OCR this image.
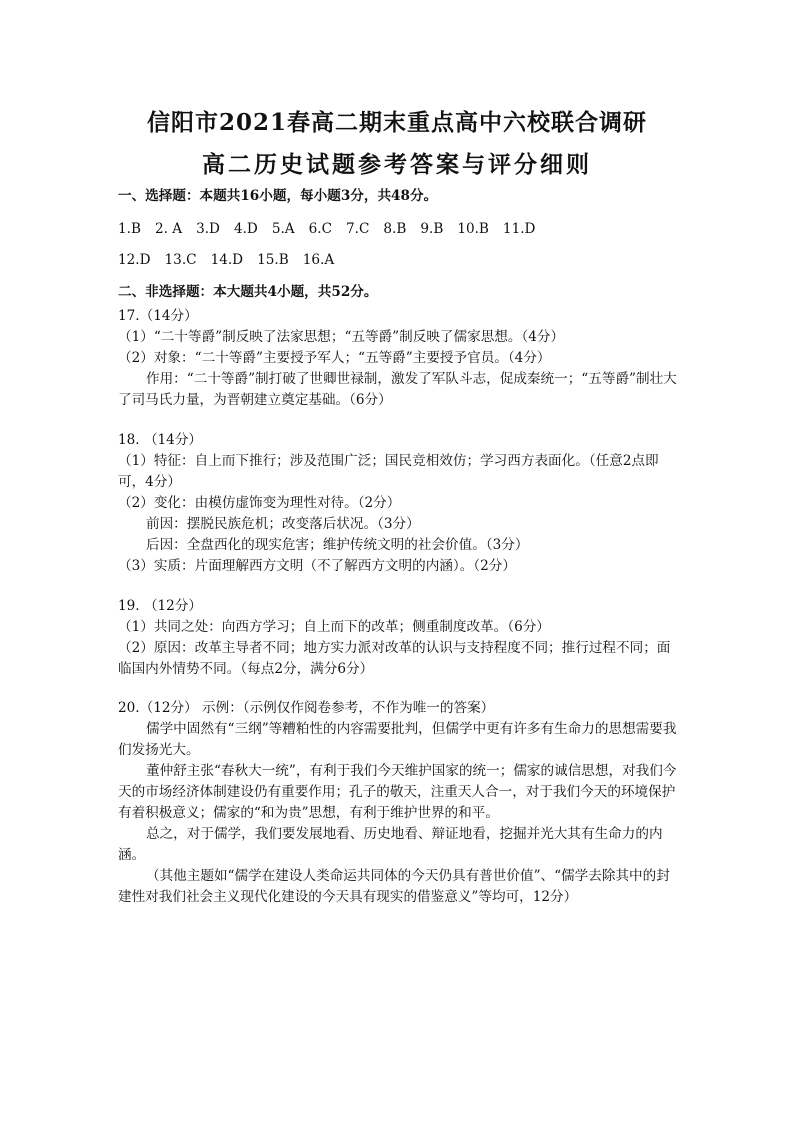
信阳市2021春高二期末重点高中六校联合调研
高二历史试题参考答案与评分细则

一、选择题：本题共16小题，每小题3分，共48分。

1.B 2. A 3.D 4.D 5.A 6.C 7.C 8.B 9.B 10.B 11.D

12.D 13.C 14.D 15.B 16.A

二、非选择题：本大题共4小题，共52分。

17.（14分）

（1）“二十等爵”制反映了法家思想；“五等爵”制反映了儒家思想。（4分）

（2）对象：“二十等爵”主要授予军人；“五等爵”主要授予官员。（4分）

作用：“二十等爵”制打破了世卿世禄制，激发了军队斗志，促成秦统一；“五等爵”制壮大了司马氏力量，为晋朝建立奠定基础。（6分）

18. （14分）

（1）特征：自上而下推行；涉及范围广泛；国民竞相效仿；学习西方表面化。（任意2点即可，4分）

（2）变化：由模仿虚饰变为理性对待。（2分）

前因：摆脱民族危机；改变落后状况。（3分）

后因：全盘西化的现实危害；维护传统文明的社会价值。（3分）

（3）实质：片面理解西方文明（不了解西方文明的内涵）。（2分）

19. （12分）

（1）共同之处：向西方学习；自上而下的改革；侧重制度改革。（6分）

（2）原因：改革主导者不同；地方实力派对改革的认识与支持程度不同；推行过程不同；面临国内外情势不同。（每点2分，满分6分）

20.（12分） 示例：（示例仅作阅卷参考，不作为唯一的答案）

儒学中固然有“三纲”等糟粕性的内容需要批判，但儒学中更有许多有生命力的思想需要我们发扬光大。

董仲舒主张“春秋大一统”，有利于我们今天维护国家的统一；儒家的诚信思想，对我们今天的市场经济体制建设仍有重要作用；孔子的敬天，注重天人合一，对于我们今天的环境保护有着积极意义；儒家的“和为贵”思想，有利于维护世界的和平。

总之，对于儒学，我们要发展地看、历史地看、辩证地看，挖掘并光大其有生命力的内涵。

（其他主题如“儒学在建设人类命运共同体的今天仍具有普世价值”、“儒学去除其中的封建性对我们社会主义现代化建设的今天具有现实的借鉴意义”等均可，12分）
